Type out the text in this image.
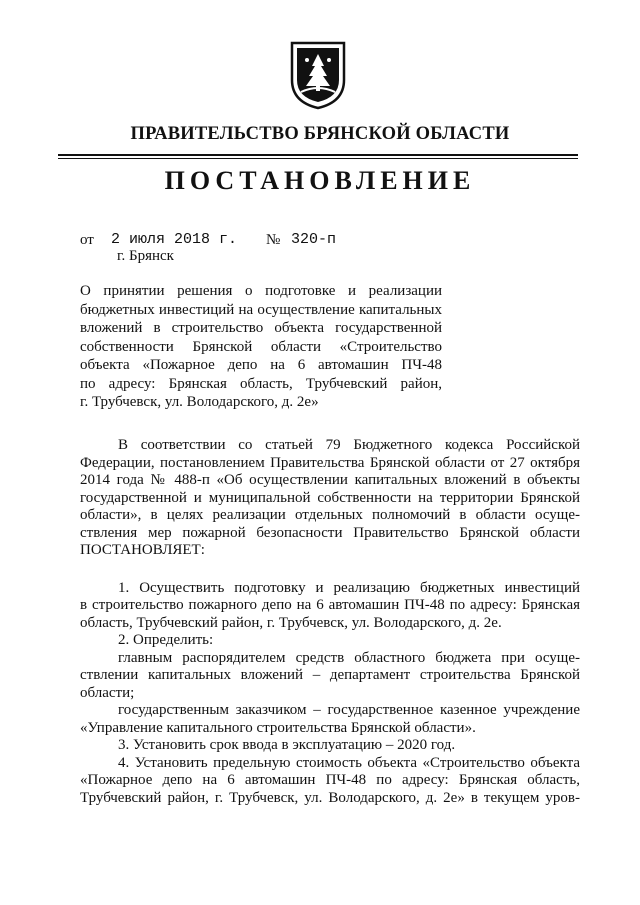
ПРАВИТЕЛЬСТВО БРЯНСКОЙ ОБЛАСТИ
ПОСТАНОВЛЕНИЕ
от 2 июля 2018 г. № 320-п
г. Брянск
О принятии решения о подготовке и реализации
бюджетных инвестиций на осуществление капитальных
вложений в строительство объекта государственной
собственности Брянской области «Строительство
объекта «Пожарное депо на 6 автомашин ПЧ-48
по адресу: Брянская область, Трубчевский район,
г. Трубчевск, ул. Володарского, д. 2е»
В соответствии со статьей 79 Бюджетного кодекса Российской
Федерации, постановлением Правительства Брянской области от 27 октября
2014 года № 488-п «Об осуществлении капитальных вложений в объекты
государственной и муниципальной собственности на территории Брянской
области», в целях реализации отдельных полномочий в области осуще-
ствления мер пожарной безопасности Правительство Брянской области
ПОСТАНОВЛЯЕТ:
1. Осуществить подготовку и реализацию бюджетных инвестиций
в строительство пожарного депо на 6 автомашин ПЧ-48 по адресу: Брянская
область, Трубчевский район, г. Трубчевск, ул. Володарского, д. 2е.
2. Определить:
главным распорядителем средств областного бюджета при осуще-
ствлении капитальных вложений – департамент строительства Брянской
области;
государственным заказчиком – государственное казенное учреждение
«Управление капитального строительства Брянской области».
3. Установить срок ввода в эксплуатацию – 2020 год.
4. Установить предельную стоимость объекта «Строительство объекта
«Пожарное депо на 6 автомашин ПЧ-48 по адресу: Брянская область,
Трубчевский район, г. Трубчевск, ул. Володарского, д. 2е» в текущем уров-
